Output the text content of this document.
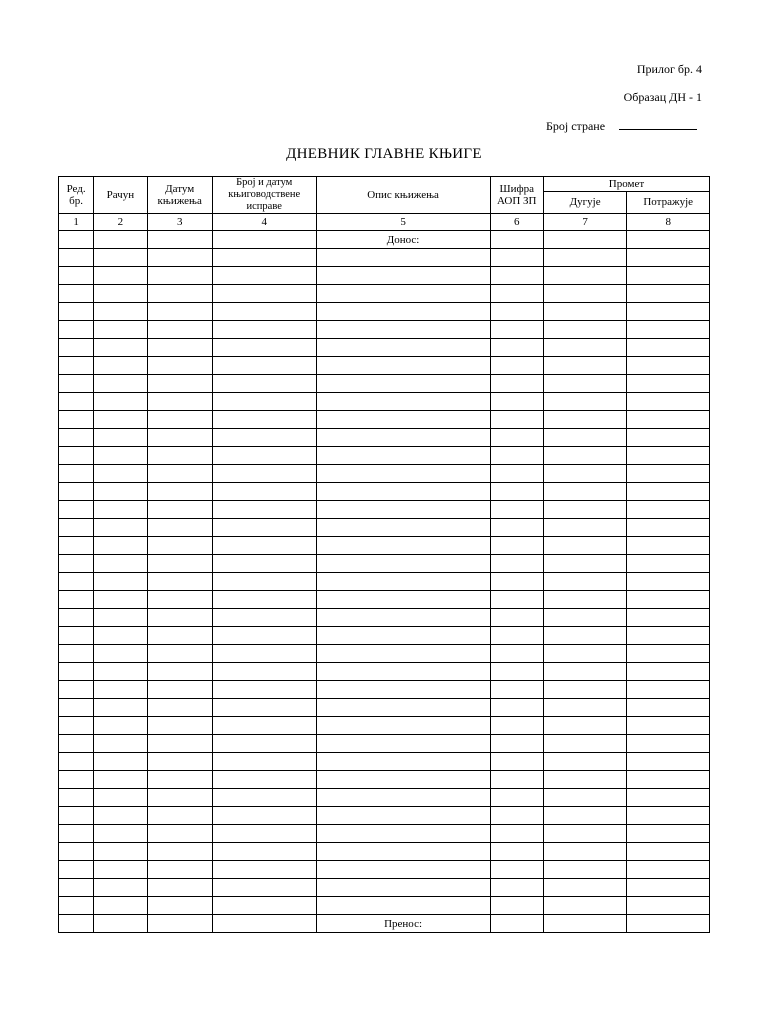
Прилог бр. 4
Образац ДН - 1
Број стране
ДНЕВНИК ГЛАВНЕ КЊИГЕ
Ред. бр.	Рачун	Датум књижења	Број и датум књиговодствене исправе	Опис књижења	Шифра АОП ЗП	Промет	
						Дугује	Потражује
1	2	3	4	5	6	7	8
				Донос:			

				Пренос:			
